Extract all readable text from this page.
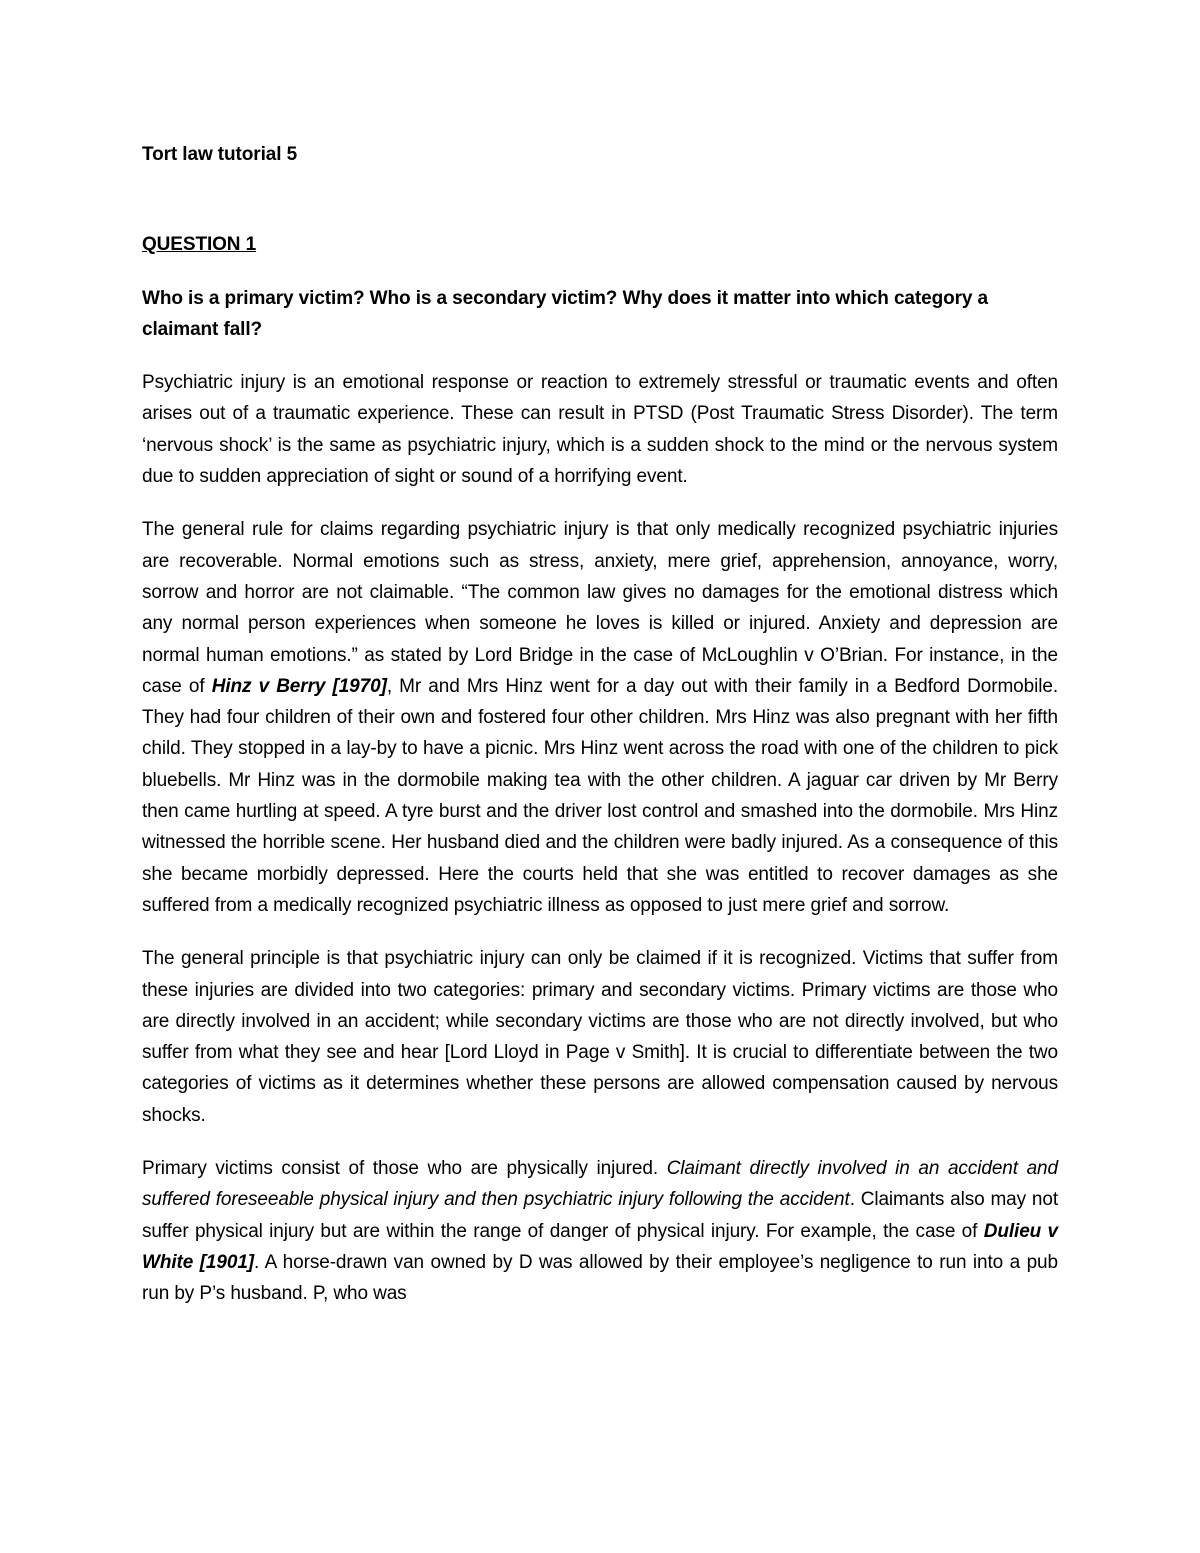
Tort law tutorial 5

QUESTION 1

Who is a primary victim? Who is a secondary victim? Why does it matter into which category a claimant fall?

Psychiatric injury is an emotional response or reaction to extremely stressful or traumatic events and often arises out of a traumatic experience. These can result in PTSD (Post Traumatic Stress Disorder). The term ‘nervous shock’ is the same as psychiatric injury, which is a sudden shock to the mind or the nervous system due to sudden appreciation of sight or sound of a horrifying event.

The general rule for claims regarding psychiatric injury is that only medically recognized psychiatric injuries are recoverable. Normal emotions such as stress, anxiety, mere grief, apprehension, annoyance, worry, sorrow and horror are not claimable. “The common law gives no damages for the emotional distress which any normal person experiences when someone he loves is killed or injured. Anxiety and depression are normal human emotions.” as stated by Lord Bridge in the case of McLoughlin v O’Brian. For instance, in the case of Hinz v Berry [1970], Mr and Mrs Hinz went for a day out with their family in a Bedford Dormobile. They had four children of their own and fostered four other children. Mrs Hinz was also pregnant with her fifth child. They stopped in a lay-by to have a picnic. Mrs Hinz went across the road with one of the children to pick bluebells. Mr Hinz was in the dormobile making tea with the other children. A jaguar car driven by Mr Berry then came hurtling at speed. A tyre burst and the driver lost control and smashed into the dormobile. Mrs Hinz witnessed the horrible scene. Her husband died and the children were badly injured. As a consequence of this she became morbidly depressed. Here the courts held that she was entitled to recover damages as she suffered from a medically recognized psychiatric illness as opposed to just mere grief and sorrow.

The general principle is that psychiatric injury can only be claimed if it is recognized. Victims that suffer from these injuries are divided into two categories: primary and secondary victims. Primary victims are those who are directly involved in an accident; while secondary victims are those who are not directly involved, but who suffer from what they see and hear [Lord Lloyd in Page v Smith]. It is crucial to differentiate between the two categories of victims as it determines whether these persons are allowed compensation caused by nervous shocks.

Primary victims consist of those who are physically injured. Claimant directly involved in an accident and suffered foreseeable physical injury and then psychiatric injury following the accident. Claimants also may not suffer physical injury but are within the range of danger of physical injury. For example, the case of Dulieu v White [1901]. A horse-drawn van owned by D was allowed by their employee’s negligence to run into a pub run by P’s husband. P, who was
